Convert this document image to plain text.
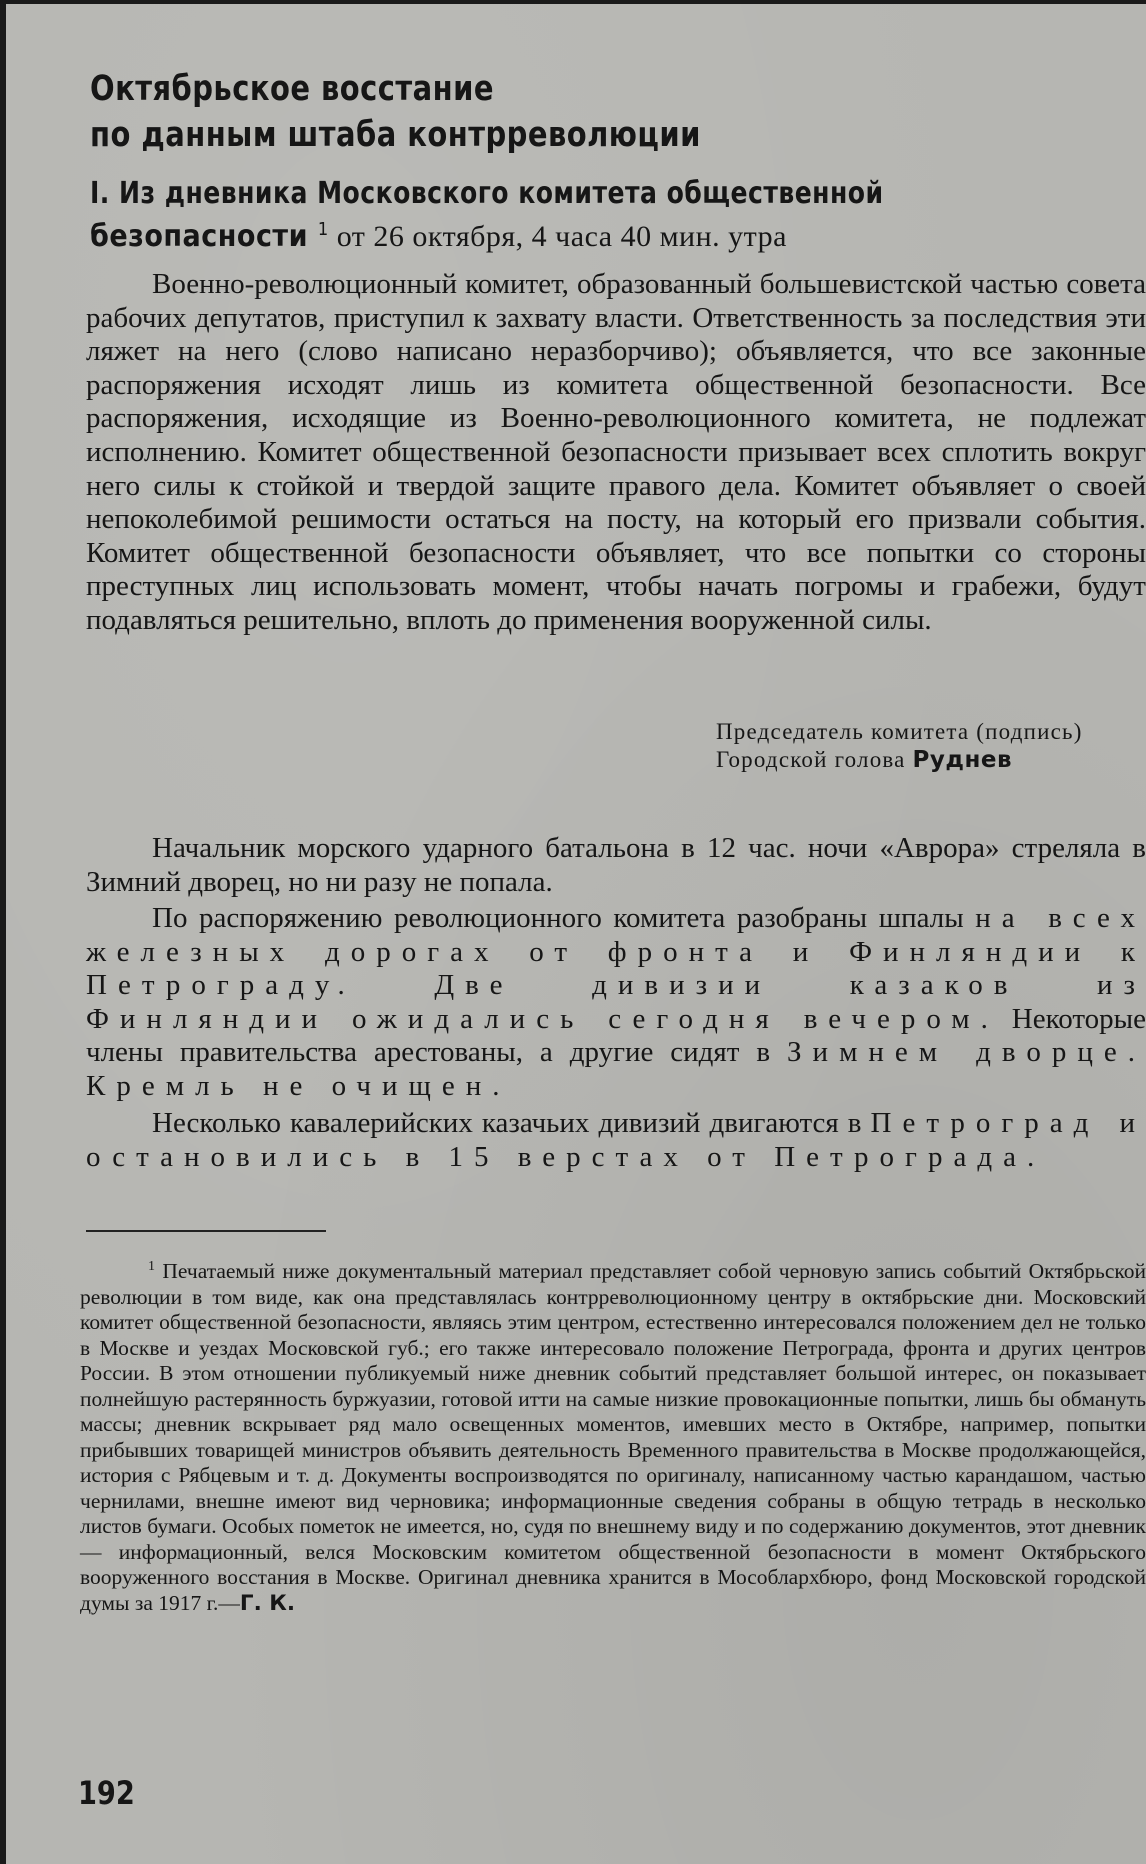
Октябрьское восстание
по данным штаба контрреволюции
I. Из дневника Московского комитета общественной
безопасности $^1$ от 26 октября, 4 часа 40 мин. утра

Военно-революционный комитет, образованный большевистской частью совета рабочих депутатов, приступил к захвату власти. Ответственность за последствия эти ляжет на него (слово написано неразборчиво); объявляется, что все законные распоряжения исходят лишь из комитета общественной безопасности. Все распоряжения, исходящие из Военно-революционного комитета, не подлежат исполнению. Комитет общественной безопасности призывает всех сплотить вокруг него силы к стойкой и твердой защите правого дела. Комитет объявляет о своей непоколебимой решимости остаться на посту, на который его призвали события. Комитет общественной безопасности объявляет, что все попытки со стороны преступных лиц использовать момент, чтобы начать погромы и грабежи, будут подавляться решительно, вплоть до применения вооруженной силы.

Председатель комитета (подпись)
Городской голова Руднев

Начальник морского ударного батальона в 12 час. ночи «Аврора» стреляла в Зимний дворец, но ни разу не попала.

По распоряжению революционного комитета разобраны шпалы на всех железных дорогах от фронта и Финляндии к Петрограду. Две дивизии казаков из Финляндии ожидались сегодня вечером. Некоторые члены правительства арестованы, а другие сидят в Зимнем дворце. Кремль не очищен.

Несколько кавалерийских казачьих дивизий двигаются в Петроград и остановились в 15 верстах от Петрограда.

$^1$ Печатаемый ниже документальный материал представляет собой черновую запись событий Октябрьской революции в том виде, как она представлялась контрреволюционному центру в октябрьские дни. Московский комитет общественной безопасности, являясь этим центром, естественно интересовался положением дел не только в Москве и уездах Московской губ.; его также интересовало положение Петрограда, фронта и других центров России. В этом отношении публикуемый ниже дневник событий представляет большой интерес, он показывает полнейшую растерянность буржуазии, готовой итти на самые низкие провокационные попытки, лишь бы обмануть массы; дневник вскрывает ряд мало освещенных моментов, имевших место в Октябре, например, попытки прибывших товарищей министров объявить деятельность Временного правительства в Москве продолжающейся, история с Рябцевым и т. д. Документы воспроизводятся по оригиналу, написанному частью карандашом, частью чернилами, внешне имеют вид черновика; информационные сведения собраны в общую тетрадь в несколько листов бумаги. Особых пометок не имеется, но, судя по внешнему виду и по содержанию документов, этот дневник — информационный, велся Московским комитетом общественной безопасности в момент Октябрьского вооруженного восстания в Москве. Оригинал дневника хранится в Мособлархбюро, фонд Московской городской думы за 1917 г.—Г. К.

192
